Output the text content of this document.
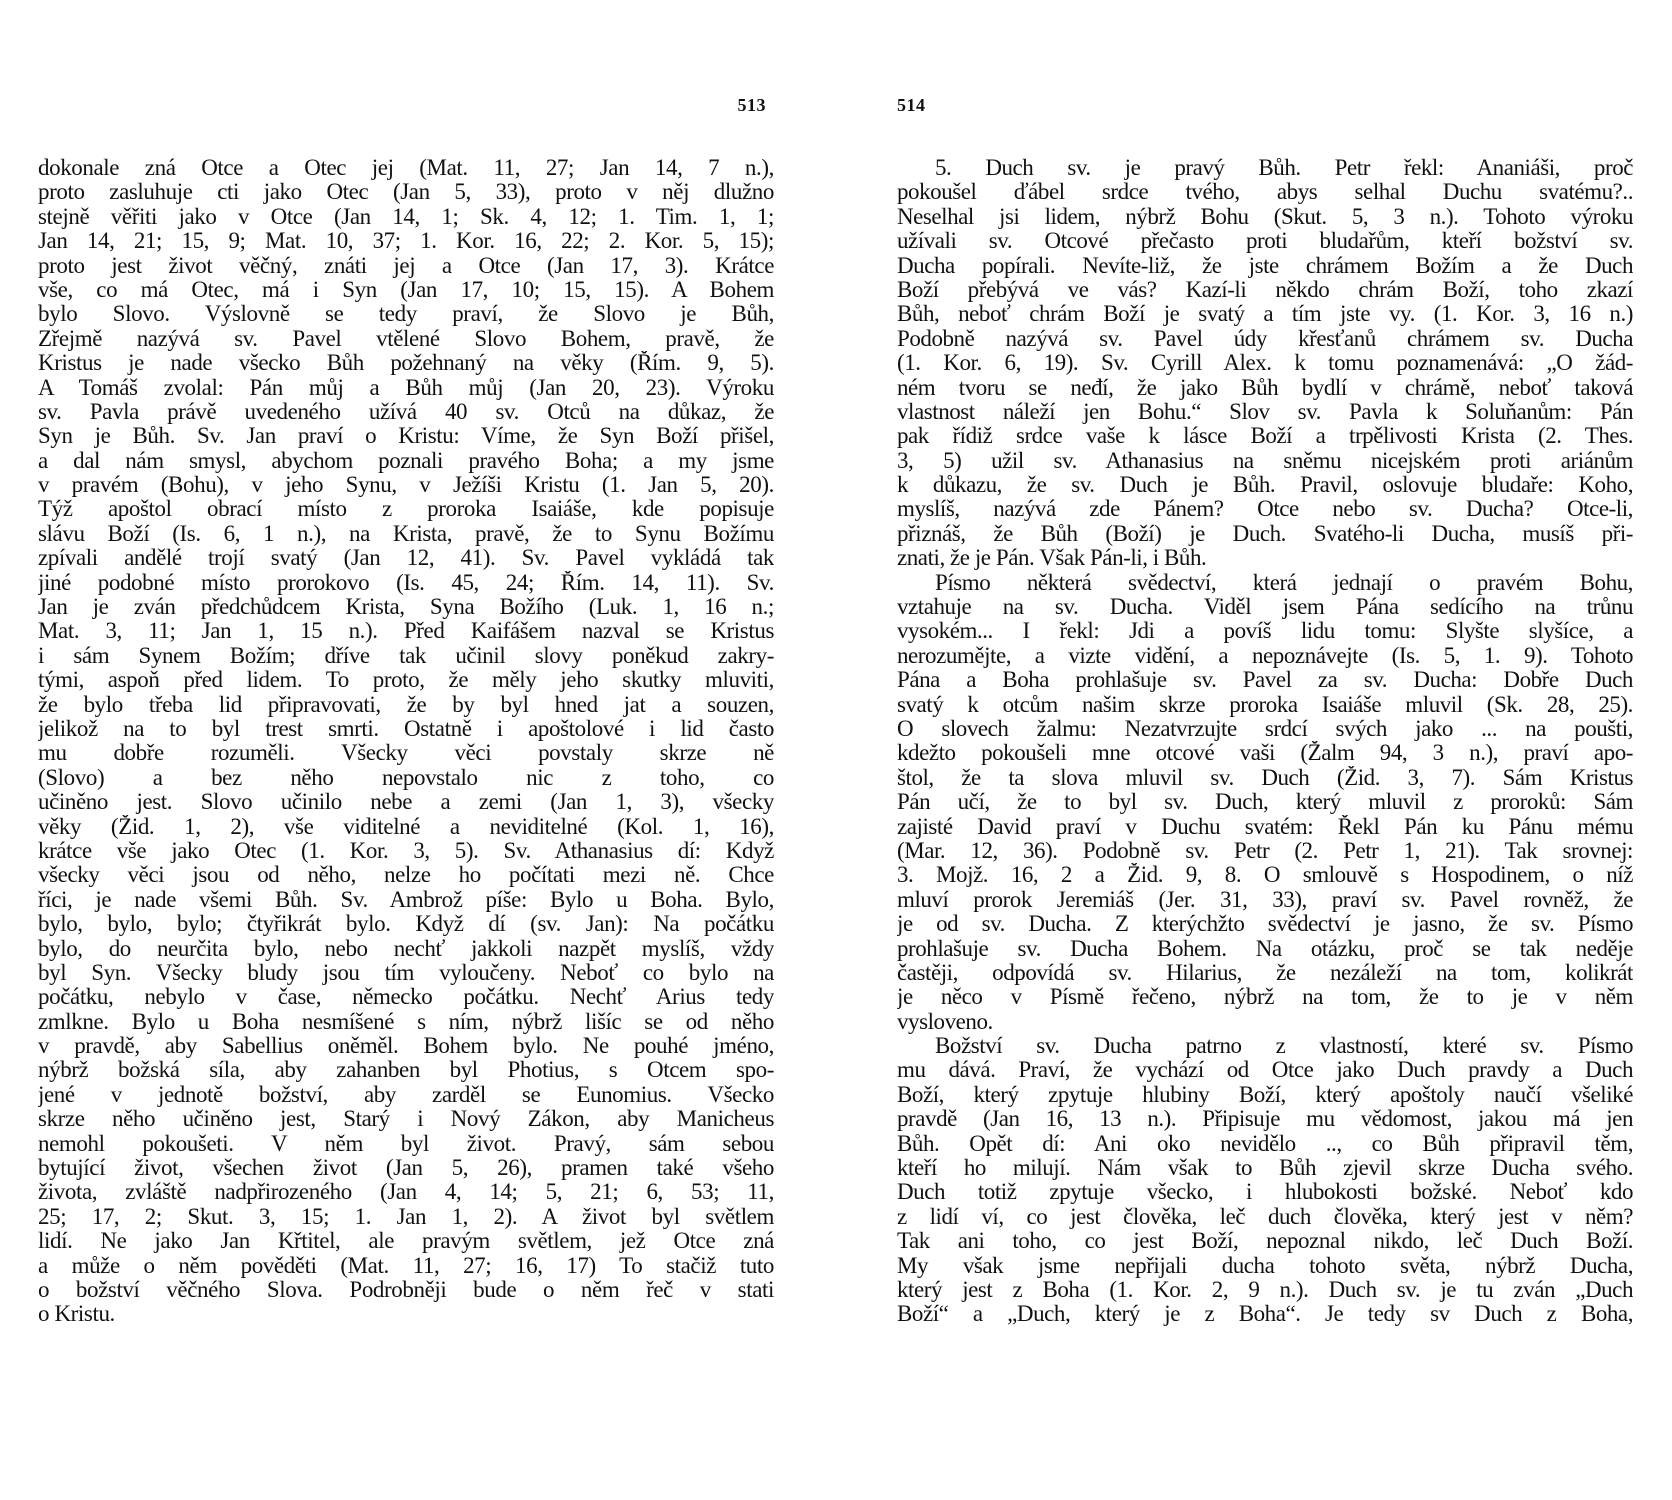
513
dokonale zná Otce a Otec jej (Mat. 11, 27; Jan 14, 7 n.),
proto zasluhuje cti jako Otec (Jan 5, 33), proto v něj dlužno
stejně věřiti jako v Otce (Jan 14, 1; Sk. 4, 12; 1. Tim. 1, 1;
Jan 14, 21; 15, 9; Mat. 10, 37; 1. Kor. 16, 22; 2. Kor. 5, 15);
proto jest život věčný, znáti jej a Otce (Jan 17, 3). Krátce
vše, co má Otec, má i Syn (Jan 17, 10; 15, 15). A Bohem
bylo Slovo. Výslovně se tedy praví, že Slovo je Bůh,
Zřejmě nazývá sv. Pavel vtělené Slovo Bohem, pravě, že
Kristus je nade všecko Bůh požehnaný na věky (Řím. 9, 5).
A Tomáš zvolal: Pán můj a Bůh můj (Jan 20, 23). Výroku
sv. Pavla právě uvedeného užívá 40 sv. Otců na důkaz, že
Syn je Bůh. Sv. Jan praví o Kristu: Víme, že Syn Boží přišel,
a dal nám smysl, abychom poznali pravého Boha; a my jsme
v pravém (Bohu), v jeho Synu, v Ježíši Kristu (1. Jan 5, 20).
Týž apoštol obrací místo z proroka Isaiáše, kde popisuje
slávu Boží (Is. 6, 1 n.), na Krista, pravě, že to Synu Božímu
zpívali andělé trojí svatý (Jan 12, 41). Sv. Pavel vykládá tak
jiné podobné místo prorokovo (Is. 45, 24; Řím. 14, 11). Sv.
Jan je zván předchůdcem Krista, Syna Božího (Luk. 1, 16 n.;
Mat. 3, 11; Jan 1, 15 n.). Před Kaifášem nazval se Kristus
i sám Synem Božím; dříve tak učinil slovy poněkud zakry-
tými, aspoň před lidem. To proto, že měly jeho skutky mluviti,
že bylo třeba lid připravovati, že by byl hned jat a souzen,
jelikož na to byl trest smrti. Ostatně i apoštolové i lid často
mu dobře rozuměli. Všecky věci povstaly skrze ně
(Slovo) a bez něho nepovstalo nic z toho, co
učiněno jest. Slovo učinilo nebe a zemi (Jan 1, 3), všecky
věky (Žid. 1, 2), vše viditelné a neviditelné (Kol. 1, 16),
krátce vše jako Otec (1. Kor. 3, 5). Sv. Athanasius dí: Když
všecky věci jsou od něho, nelze ho počítati mezi ně. Chce
říci, je nade všemi Bůh. Sv. Ambrož píše: Bylo u Boha. Bylo,
bylo, bylo, bylo; čtyřikrát bylo. Když dí (sv. Jan): Na počátku
bylo, do neurčita bylo, nebo nechť jakkoli nazpět myslíš, vždy
byl Syn. Všecky bludy jsou tím vyloučeny. Neboť co bylo na
počátku, nebylo v čase, německo počátku. Nechť Arius tedy
zmlkne. Bylo u Boha nesmíšené s ním, nýbrž lišíc se od něho
v pravdě, aby Sabellius oněměl. Bohem bylo. Ne pouhé jméno,
nýbrž božská síla, aby zahanben byl Photius, s Otcem spo-
jené v jednotě božství, aby zarděl se Eunomius. Všecko
skrze něho učiněno jest, Starý i Nový Zákon, aby Manicheus
nemohl pokoušeti. V něm byl život. Pravý, sám sebou
bytující život, všechen život (Jan 5, 26), pramen také všeho
života, zvláště nadpřirozeného (Jan 4, 14; 5, 21; 6, 53; 11,
25; 17, 2; Skut. 3, 15; 1. Jan 1, 2). A život byl světlem
lidí. Ne jako Jan Křtitel, ale pravým světlem, jež Otce zná
a může o něm pověděti (Mat. 11, 27; 16, 17) To stačiž tuto
o božství věčného Slova. Podrobněji bude o něm řeč v stati
o Kristu.
514
5. Duch sv. je pravý Bůh. Petr řekl: Ananiáši, proč
pokoušel ďábel srdce tvého, abys selhal Duchu svatému?..
Neselhal jsi lidem, nýbrž Bohu (Skut. 5, 3 n.). Tohoto výroku
užívali sv. Otcové přečasto proti bludařům, kteří božství sv.
Ducha popírali. Nevíte-liž, že jste chrámem Božím a že Duch
Boží přebývá ve vás? Kazí-li někdo chrám Boží, toho zkazí
Bůh, neboť chrám Boží je svatý a tím jste vy. (1. Kor. 3, 16 n.)
Podobně nazývá sv. Pavel údy křesťanů chrámem sv. Ducha
(1. Kor. 6, 19). Sv. Cyrill Alex. k tomu poznamenává: „O žád-
ném tvoru se neđí, že jako Bůh bydlí v chrámě, neboť taková
vlastnost náleží jen Bohu.“ Slov sv. Pavla k Soluňanům: Pán
pak řídiž srdce vaše k lásce Boží a trpělivosti Krista (2. Thes.
3, 5) užil sv. Athanasius na sněmu nicejském proti ariánům
k důkazu, že sv. Duch je Bůh. Pravil, oslovuje bludaře: Koho,
myslíš, nazývá zde Pánem? Otce nebo sv. Ducha? Otce-li,
přiznáš, že Bůh (Boží) je Duch. Svatého-li Ducha, musíš při-
znati, že je Pán. Však Pán-li, i Bůh.
Písmo některá svědectví, která jednají o pravém Bohu,
vztahuje na sv. Ducha. Viděl jsem Pána sedícího na trůnu
vysokém... I řekl: Jdi a povíš lidu tomu: Slyšte slyšíce, a
nerozumějte, a vizte vidění, a nepoznávejte (Is. 5, 1. 9). Tohoto
Pána a Boha prohlašuje sv. Pavel za sv. Ducha: Dobře Duch
svatý k otcům našim skrze proroka Isaiáše mluvil (Sk. 28, 25).
O slovech žalmu: Nezatvrzujte srdcí svých jako ... na poušti,
kdežto pokoušeli mne otcové vaši (Žalm 94, 3 n.), praví apo-
štol, že ta slova mluvil sv. Duch (Žid. 3, 7). Sám Kristus
Pán učí, že to byl sv. Duch, který mluvil z proroků: Sám
zajisté David praví v Duchu svatém: Řekl Pán ku Pánu mému
(Mar. 12, 36). Podobně sv. Petr (2. Petr 1, 21). Tak srovnej:
3. Mojž. 16, 2 a Žid. 9, 8. O smlouvě s Hospodinem, o níž
mluví prorok Jeremiáš (Jer. 31, 33), praví sv. Pavel rovněž, že
je od sv. Ducha. Z kterýchžto svědectví je jasno, že sv. Písmo
prohlašuje sv. Ducha Bohem. Na otázku, proč se tak neděje
častěji, odpovídá sv. Hilarius, že nezáleží na tom, kolikrát
je něco v Písmě řečeno, nýbrž na tom, že to je v něm
vysloveno.
Božství sv. Ducha patrno z vlastností, které sv. Písmo
mu dává. Praví, že vychází od Otce jako Duch pravdy a Duch
Boží, který zpytuje hlubiny Boží, který apoštoly naučí všeliké
pravdě (Jan 16, 13 n.). Připisuje mu vědomost, jakou má jen
Bůh. Opět dí: Ani oko nevidělo .., co Bůh připravil těm,
kteří ho milují. Nám však to Bůh zjevil skrze Ducha svého.
Duch totiž zpytuje všecko, i hlubokosti božské. Neboť kdo
z lidí ví, co jest člověka, leč duch člověka, který jest v něm?
Tak ani toho, co jest Boží, nepoznal nikdo, leč Duch Boží.
My však jsme nepřijali ducha tohoto světa, nýbrž Ducha,
který jest z Boha (1. Kor. 2, 9 n.). Duch sv. je tu zván „Duch
Boží“ a „Duch, který je z Boha“. Je tedy sv Duch z Boha,
